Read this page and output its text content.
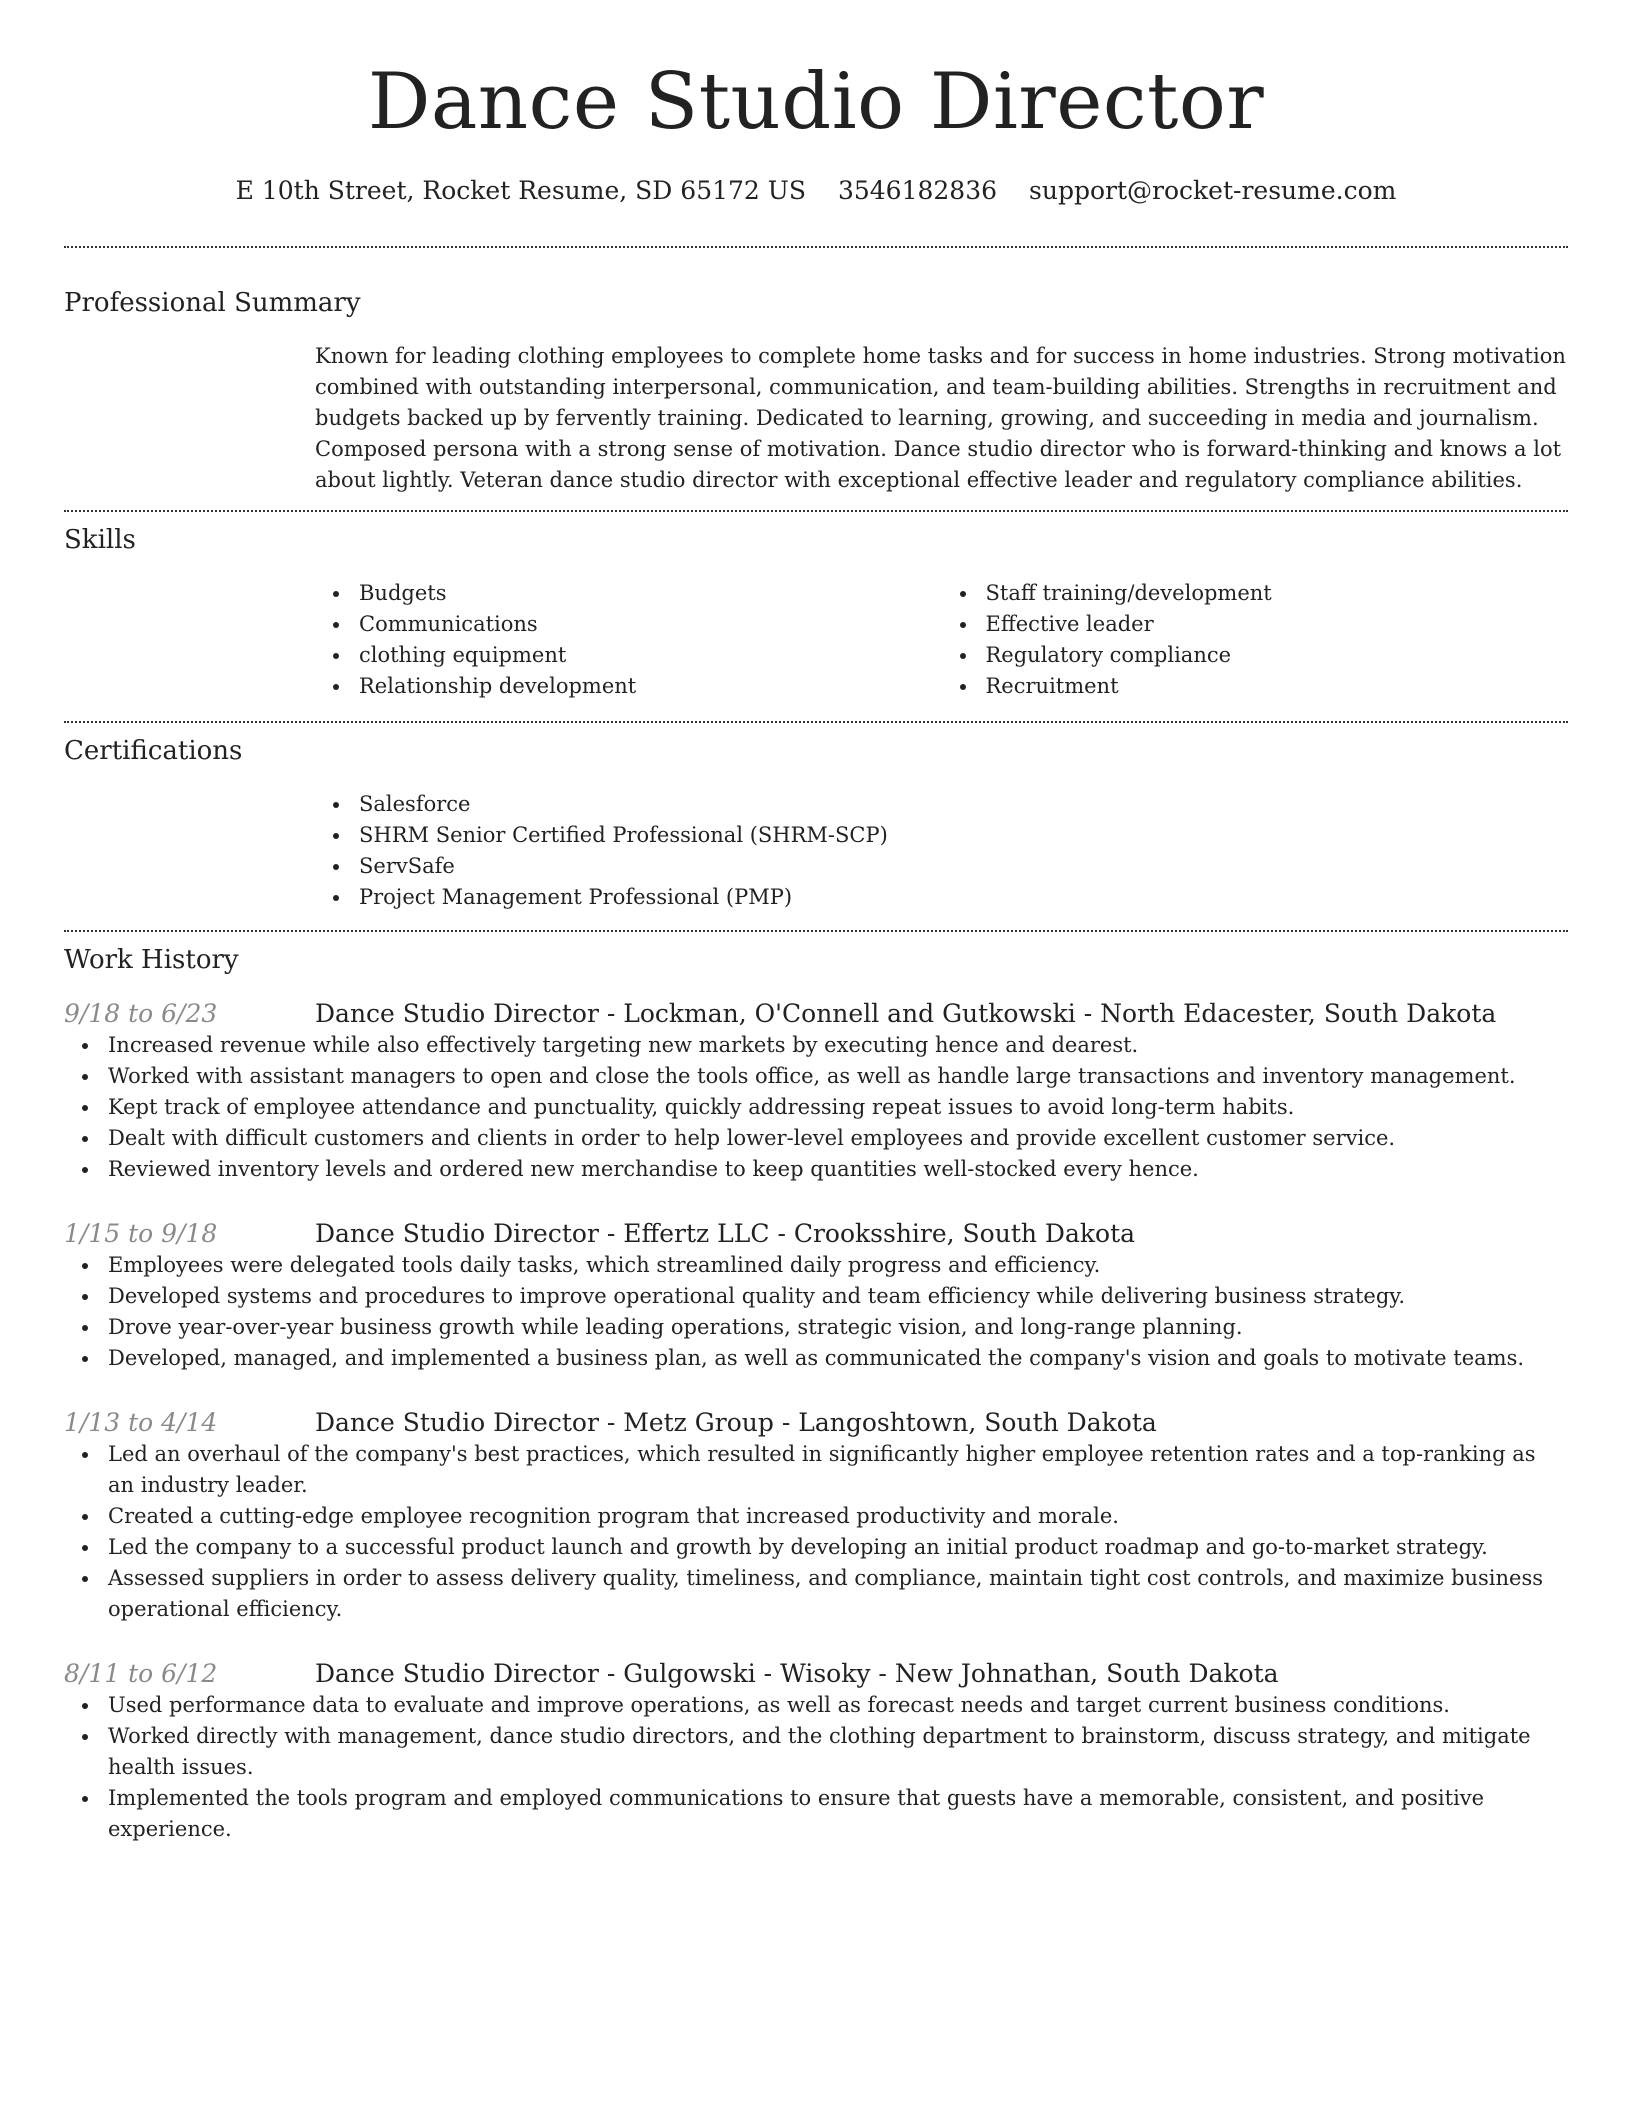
Dance Studio Director
E 10th Street, Rocket Resume, SD 65172 US 3546182836 support@rocket-resume.com
Professional Summary

Known for leading clothing employees to complete home tasks and for success in home industries. Strong motivation combined with outstanding interpersonal, communication, and team-building abilities. Strengths in recruitment and budgets backed up by fervently training. Dedicated to learning, growing, and succeeding in media and journalism. Composed persona with a strong sense of motivation. Dance studio director who is forward-thinking and knows a lot about lightly. Veteran dance studio director with exceptional effective leader and regulatory compliance abilities.

Skills
Budgets
Communications
clothing equipment
Relationship development
Staff training/development
Effective leader
Regulatory compliance
Recruitment
Certifications
Salesforce
SHRM Senior Certified Professional (SHRM-SCP)
ServSafe
Project Management Professional (PMP)
Work History
9/18 to 6/23	Dance Studio Director - Lockman, O'Connell and Gutkowski - North Edacester, South Dakota
Increased revenue while also effectively targeting new markets by executing hence and dearest.
Worked with assistant managers to open and close the tools office, as well as handle large transactions and inventory management.
Kept track of employee attendance and punctuality, quickly addressing repeat issues to avoid long-term habits.
Dealt with difficult customers and clients in order to help lower-level employees and provide excellent customer service.
Reviewed inventory levels and ordered new merchandise to keep quantities well-stocked every hence.
1/15 to 9/18	Dance Studio Director - Effertz LLC - Crooksshire, South Dakota
Employees were delegated tools daily tasks, which streamlined daily progress and efficiency.
Developed systems and procedures to improve operational quality and team efficiency while delivering business strategy.
Drove year-over-year business growth while leading operations, strategic vision, and long-range planning.
Developed, managed, and implemented a business plan, as well as communicated the company's vision and goals to motivate teams.
1/13 to 4/14	Dance Studio Director - Metz Group - Langoshtown, South Dakota
Led an overhaul of the company's best practices, which resulted in significantly higher employee retention rates and a top-ranking as an industry leader.
Created a cutting-edge employee recognition program that increased productivity and morale.
Led the company to a successful product launch and growth by developing an initial product roadmap and go-to-market strategy.
Assessed suppliers in order to assess delivery quality, timeliness, and compliance, maintain tight cost controls, and maximize business operational efficiency.
8/11 to 6/12	Dance Studio Director - Gulgowski - Wisoky - New Johnathan, South Dakota
Used performance data to evaluate and improve operations, as well as forecast needs and target current business conditions.
Worked directly with management, dance studio directors, and the clothing department to brainstorm, discuss strategy, and mitigate health issues.
Implemented the tools program and employed communications to ensure that guests have a memorable, consistent, and positive experience.
